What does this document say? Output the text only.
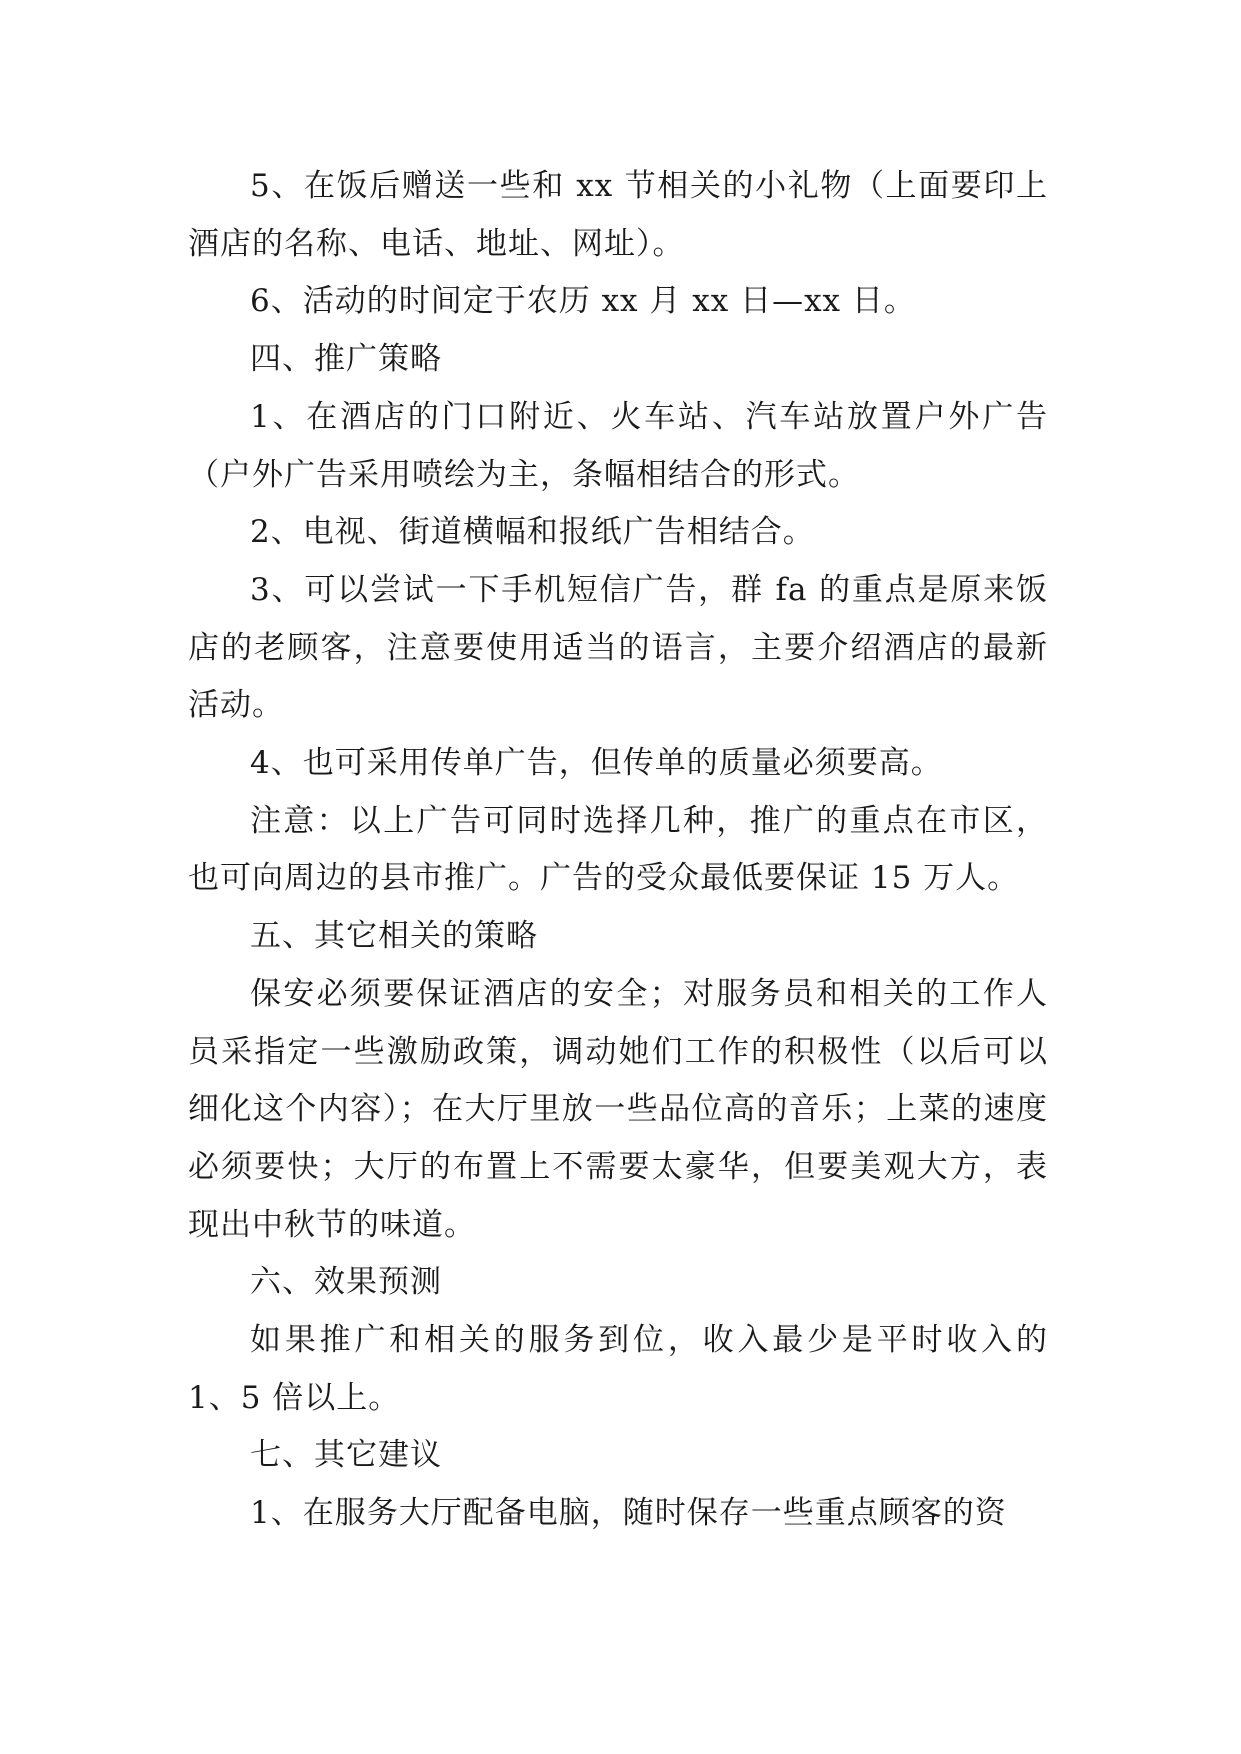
5、在饭后赠送一些和 xx 节相关的小礼物（上面要印上酒店的名称、电话、地址、网址）。

6、活动的时间定于农历 xx 月 xx 日—xx 日。

四、推广策略

1、在酒店的门口附近、火车站、汽车站放置户外广告（户外广告采用喷绘为主，条幅相结合的形式。

2、电视、街道横幅和报纸广告相结合。

3、可以尝试一下手机短信广告，群 fa 的重点是原来饭店的老顾客，注意要使用适当的语言，主要介绍酒店的最新活动。

4、也可采用传单广告，但传单的质量必须要高。

注意：以上广告可同时选择几种，推广的重点在市区，也可向周边的县市推广。广告的受众最低要保证 15 万人。

五、其它相关的策略

保安必须要保证酒店的安全；对服务员和相关的工作人员采指定一些激励政策，调动她们工作的积极性（以后可以细化这个内容）；在大厅里放一些品位高的音乐；上菜的速度必须要快；大厅的布置上不需要太豪华，但要美观大方，表现出中秋节的味道。

六、效果预测

如果推广和相关的服务到位，收入最少是平时收入的 1、5 倍以上。

七、其它建议

1、在服务大厅配备电脑，随时保存一些重点顾客的资
